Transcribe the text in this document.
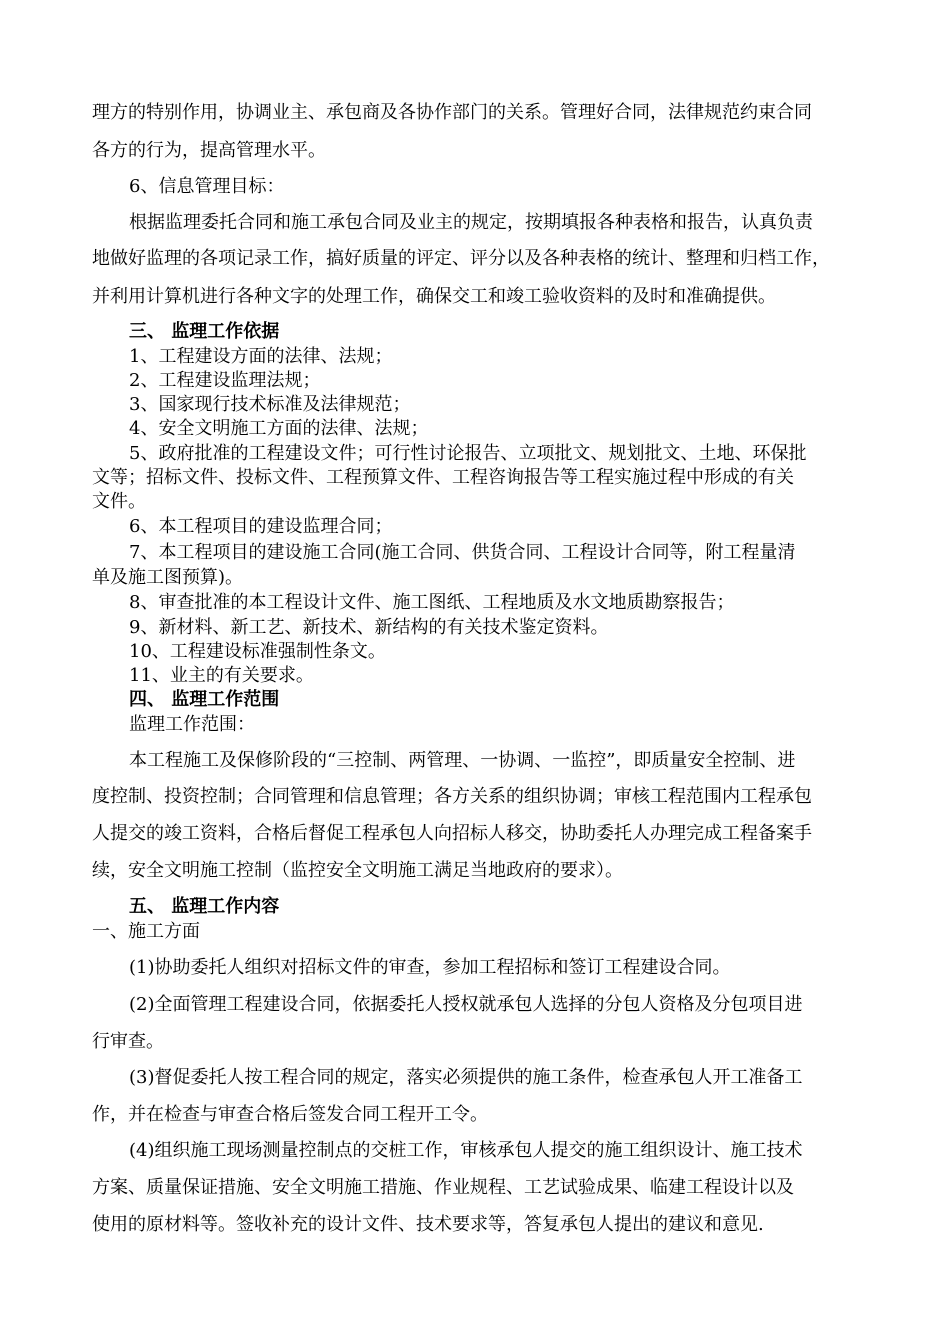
理方的特别作用，协调业主、承包商及各协作部门的关系。管理好合同，法律规范约束合同
各方的行为，提高管理水平。
6、信息管理目标：
根据监理委托合同和施工承包合同及业主的规定，按期填报各种表格和报告，认真负责
地做好监理的各项记录工作，搞好质量的评定、评分以及各种表格的统计、整理和归档工作，
并利用计算机进行各种文字的处理工作，确保交工和竣工验收资料的及时和准确提供。
三、 监理工作依据
1、工程建设方面的法律、法规；
2、工程建设监理法规；
3、国家现行技术标准及法律规范；
4、安全文明施工方面的法律、法规；
5、政府批准的工程建设文件；可行性讨论报告、立项批文、规划批文、土地、环保批
文等；招标文件、投标文件、工程预算文件、工程咨询报告等工程实施过程中形成的有关
文件。
6、本工程项目的建设监理合同；
7、本工程项目的建设施工合同(施工合同、供货合同、工程设计合同等，附工程量清
单及施工图预算)。
8、审查批准的本工程设计文件、施工图纸、工程地质及水文地质勘察报告；
9、新材料、新工艺、新技术、新结构的有关技术鉴定资料。
10、工程建设标准强制性条文。
11、业主的有关要求。
四、 监理工作范围
监理工作范围：
本工程施工及保修阶段的“三控制、两管理、一协调、一监控”，即质量安全控制、进
度控制、投资控制；合同管理和信息管理；各方关系的组织协调；审核工程范围内工程承包
人提交的竣工资料，合格后督促工程承包人向招标人移交，协助委托人办理完成工程备案手
续，安全文明施工控制（监控安全文明施工满足当地政府的要求）。
五、 监理工作内容
一、施工方面
(1)协助委托人组织对招标文件的审查，参加工程招标和签订工程建设合同。
(2)全面管理工程建设合同，依据委托人授权就承包人选择的分包人资格及分包项目进
行审查。
(3)督促委托人按工程合同的规定，落实必须提供的施工条件，检查承包人开工准备工
作，并在检查与审查合格后签发合同工程开工令。
(4)组织施工现场测量控制点的交桩工作，审核承包人提交的施工组织设计、施工技术
方案、质量保证措施、安全文明施工措施、作业规程、工艺试验成果、临建工程设计以及
使用的原材料等。签收补充的设计文件、技术要求等，答复承包人提出的建议和意见.
